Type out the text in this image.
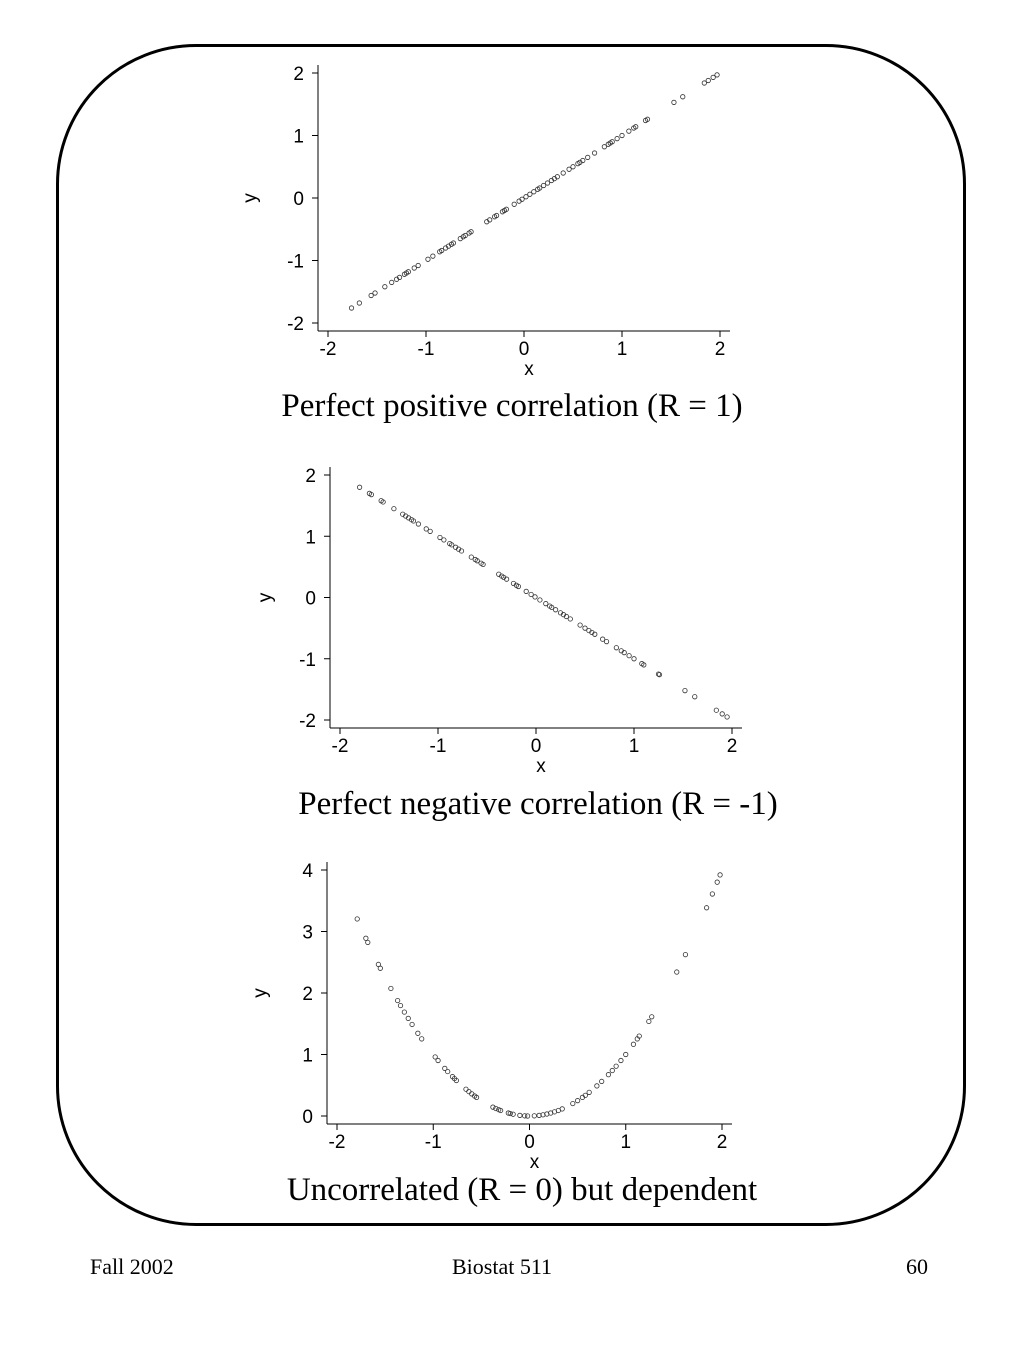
-2	-1	0	1	2
-2
-1
0
1
2
x
y
Perfect positive correlation (R = 1)
-2	-1	0	1	2
-2
-1
0
1
2
x
y
Perfect negative correlation (R = -1)
-2	-1	0	1	2
0
1
2
3
4
x
y
Uncorrelated (R = 0) but dependent
Fall 2002	Biostat 511	60
